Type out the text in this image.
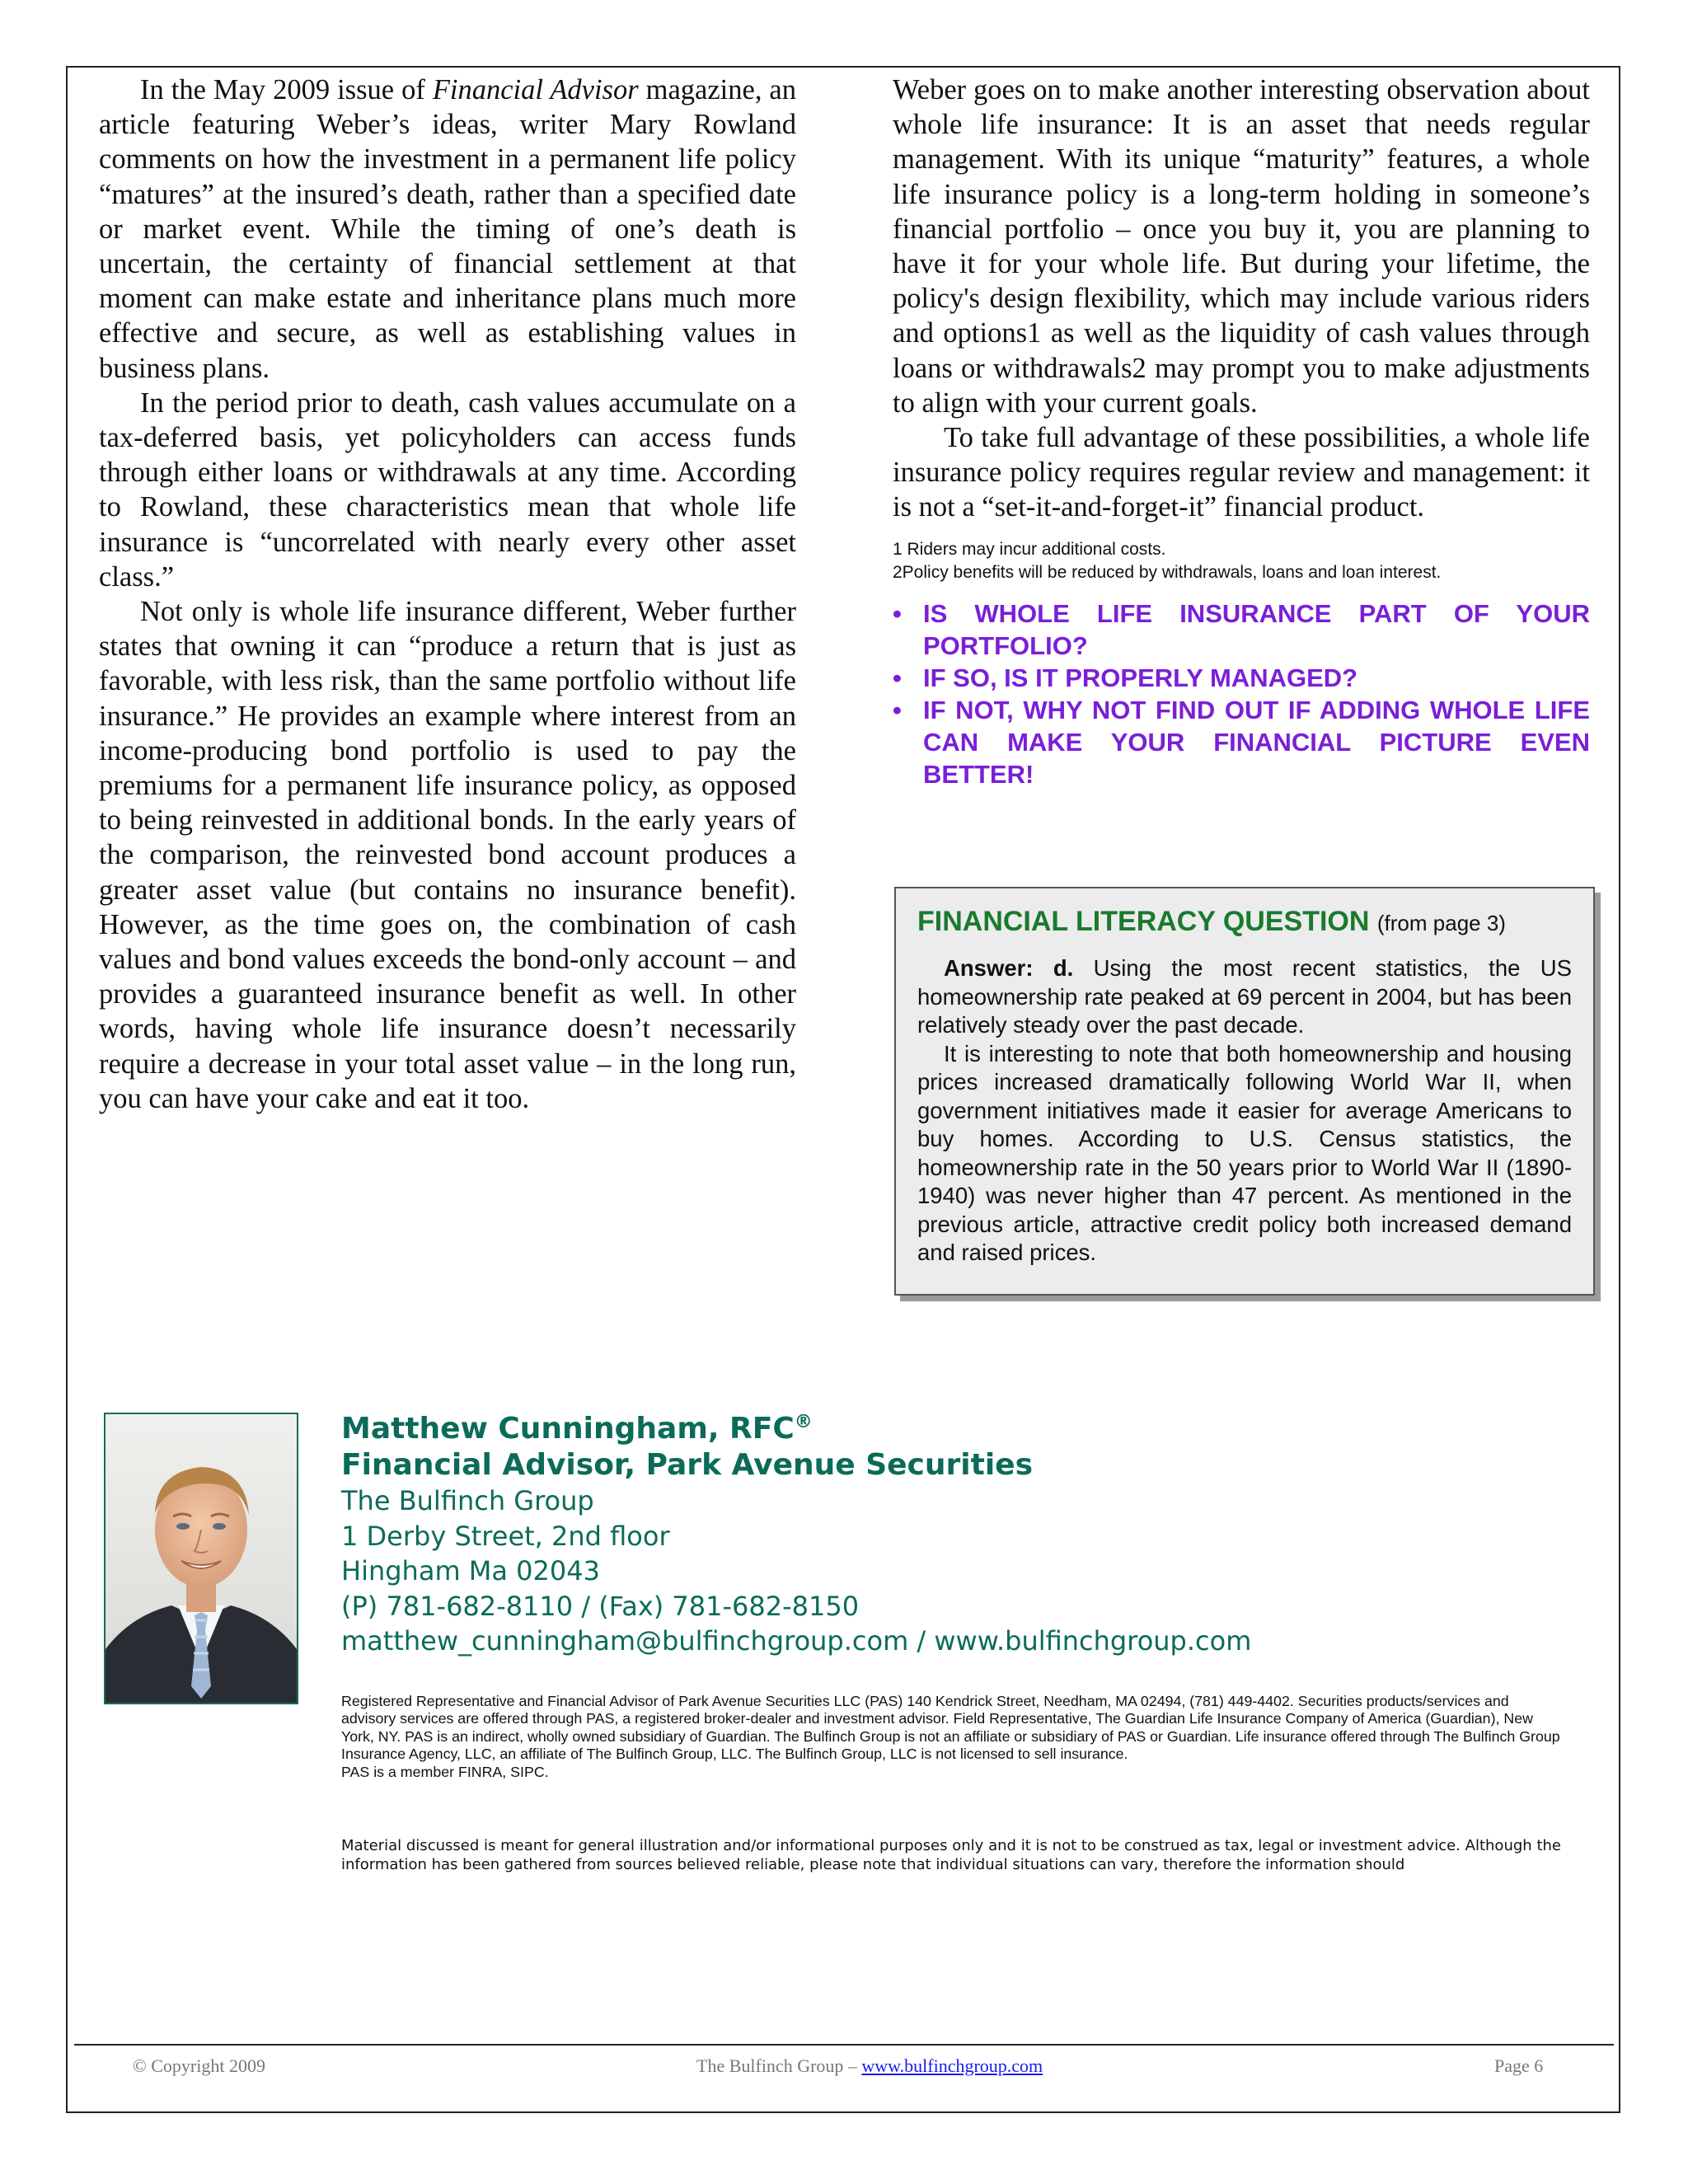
In the May 2009 issue of Financial Advisor magazine, an article featuring Weber’s ideas, writer Mary Rowland comments on how the investment in a permanent life policy “matures” at the insured’s death, rather than a specified date or market event. While the timing of one’s death is uncertain, the certainty of financial settlement at that moment can make estate and inheritance plans much more effective and secure, as well as establishing values in business plans.

In the period prior to death, cash values accumulate on a tax-deferred basis, yet policyholders can access funds through either loans or withdrawals at any time. According to Rowland, these characteristics mean that whole life insurance is “uncorrelated with nearly every other asset class.”

Not only is whole life insurance different, Weber further states that owning it can “produce a return that is just as favorable, with less risk, than the same portfolio without life insurance.” He provides an example where interest from an income-producing bond portfolio is used to pay the premiums for a permanent life insurance policy, as opposed to being reinvested in additional bonds. In the early years of the comparison, the reinvested bond account produces a greater asset value (but contains no insurance benefit). However, as the time goes on, the combination of cash values and bond values exceeds the bond-only account – and provides a guaranteed insurance benefit as well. In other words, having whole life insurance doesn’t necessarily require a decrease in your total asset value – in the long run, you can have your cake and eat it too.

Weber goes on to make another interesting observation about whole life insurance: It is an asset that needs regular management. With its unique “maturity” features, a whole life insurance policy is a long-term holding in someone’s financial portfolio – once you buy it, you are planning to have it for your whole life. But during your lifetime, the policy's design flexibility, which may include various riders and options1 as well as the liquidity of cash values through loans or withdrawals2 may prompt you to make adjustments to align with your current goals.

To take full advantage of these possibilities, a whole life insurance policy requires regular review and management: it is not a “set-it-and-forget-it” financial product.

1 Riders may incur additional costs.
2Policy benefits will be reduced by withdrawals, loans and loan interest.
• IS WHOLE LIFE INSURANCE PART OF YOUR PORTFOLIO?
• IF SO, IS IT PROPERLY MANAGED?
• IF NOT, WHY NOT FIND OUT IF ADDING WHOLE LIFE CAN MAKE YOUR FINANCIAL PICTURE EVEN BETTER!
FINANCIAL LITERACY QUESTION (from page 3)

Answer: d. Using the most recent statistics, the US homeownership rate peaked at 69 percent in 2004, but has been relatively steady over the past decade.

It is interesting to note that both homeownership and housing prices increased dramatically following World War II, when government initiatives made it easier for average Americans to buy homes. According to U.S. Census statistics, the homeownership rate in the 50 years prior to World War II (1890-1940) was never higher than 47 percent. As mentioned in the previous article, attractive credit policy both increased demand and raised prices.

Matthew Cunningham, RFC®
Financial Advisor, Park Avenue Securities
The Bulfinch Group
1 Derby Street, 2nd floor
Hingham Ma 02043
(P) 781-682-8110 / (Fax) 781-682-8150
matthew_cunningham@bulfinchgroup.com / www.bulfinchgroup.com
Registered Representative and Financial Advisor of Park Avenue Securities LLC (PAS) 140 Kendrick Street, Needham, MA 02494, (781) 449-4402. Securities products/services and advisory services are offered through PAS, a registered broker-dealer and investment advisor. Field Representative, The Guardian Life Insurance Company of America (Guardian), New York, NY. PAS is an indirect, wholly owned subsidiary of Guardian. The Bulfinch Group is not an affiliate or subsidiary of PAS or Guardian. Life insurance offered through The Bulfinch Group Insurance Agency, LLC, an affiliate of The Bulfinch Group, LLC. The Bulfinch Group, LLC is not licensed to sell insurance.
PAS is a member FINRA, SIPC.
Material discussed is meant for general illustration and/or informational purposes only and it is not to be construed as tax, legal or investment advice. Although the information has been gathered from sources believed reliable, please note that individual situations can vary, therefore the information should
© Copyright 2009	The Bulfinch Group – www.bulfinchgroup.com	Page 6
